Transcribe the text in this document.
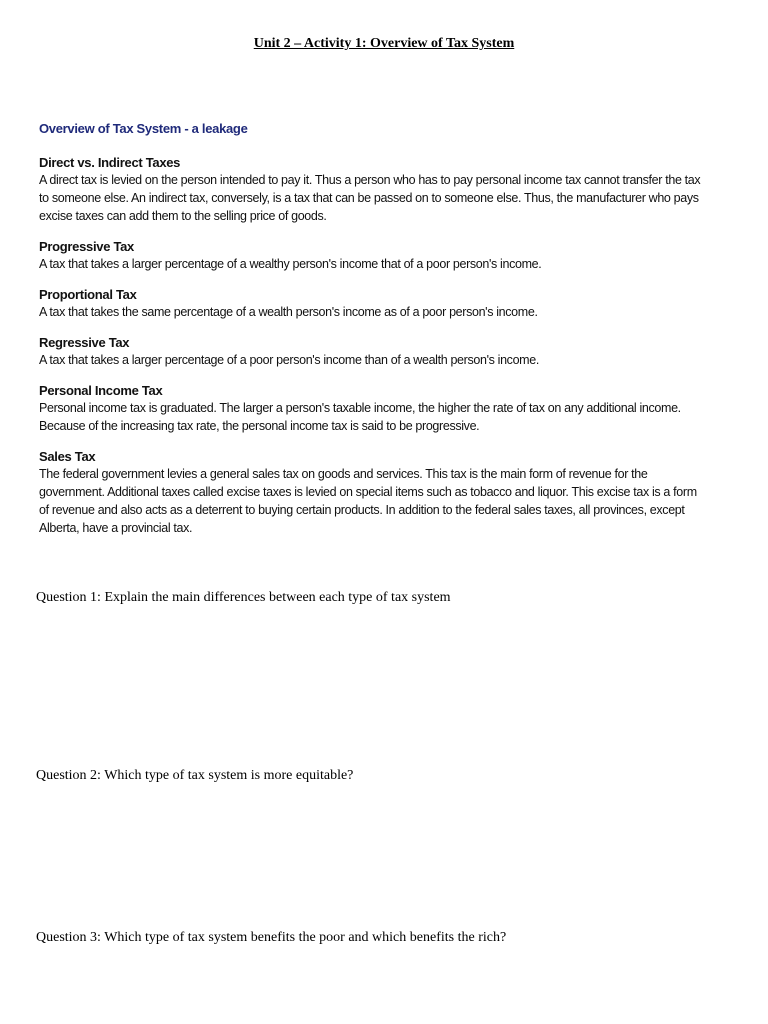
Unit 2 – Activity 1: Overview of Tax System
Overview of Tax System - a leakage
Direct vs. Indirect Taxes
A direct tax is levied on the person intended to pay it. Thus a person who has to pay personal income tax cannot transfer the tax
to someone else. An indirect tax, conversely, is a tax that can be passed on to someone else. Thus, the manufacturer who pays
excise taxes can add them to the selling price of goods.
Progressive Tax
A tax that takes a larger percentage of a wealthy person's income that of a poor person's income.
Proportional Tax
A tax that takes the same percentage of a wealth person's income as of a poor person's income.
Regressive Tax
A tax that takes a larger percentage of a poor person's income than of a wealth person's income.
Personal Income Tax
Personal income tax is graduated. The larger a person's taxable income, the higher the rate of tax on any additional income.
Because of the increasing tax rate, the personal income tax is said to be progressive.
Sales Tax
The federal government levies a general sales tax on goods and services. This tax is the main form of revenue for the
government. Additional taxes called excise taxes is levied on special items such as tobacco and liquor. This excise tax is a form
of revenue and also acts as a deterrent to buying certain products. In addition to the federal sales taxes, all provinces, except
Alberta, have a provincial tax.
Question 1: Explain the main differences between each type of tax system
Question 2: Which type of tax system is more equitable?
Question 3: Which type of tax system benefits the poor and which benefits the rich?
